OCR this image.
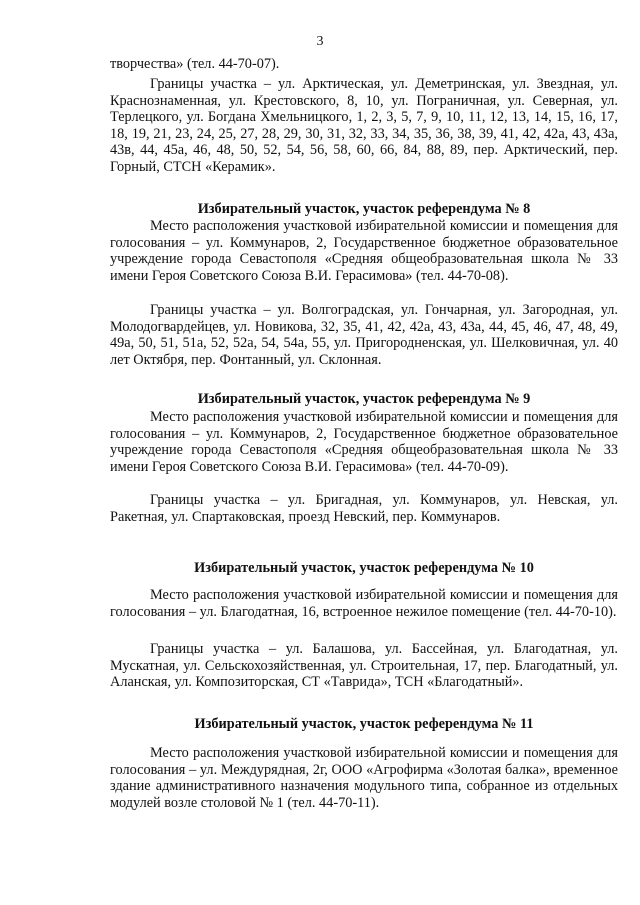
3

творчества» (тел. 44-70-07).

Границы участка – ул. Арктическая, ул. Деметринская, ул. Звездная, ул. Краснознаменная, ул. Крестовского, 8, 10, ул. Пограничная, ул. Северная, ул. Терлецкого, ул. Богдана Хмельницкого, 1, 2, 3, 5, 7, 9, 10, 11, 12, 13, 14, 15, 16, 17, 18, 19, 21, 23, 24, 25, 27, 28, 29, 30, 31, 32, 33, 34, 35, 36, 38, 39, 41, 42, 42а, 43, 43а, 43в, 44, 45а, 46, 48, 50, 52, 54, 56, 58, 60, 66, 84, 88, 89, пер. Арктический, пер. Горный, СТСН «Керамик».

Избирательный участок, участок референдума № 8

Место расположения участковой избирательной комиссии и помещения для голосования – ул. Коммунаров, 2, Государственное бюджетное образовательное учреждение города Севастополя «Средняя общеобразовательная школа № 33 имени Героя Советского Союза В.И. Герасимова» (тел. 44-70-08).

Границы участка – ул. Волгоградская, ул. Гончарная, ул. Загородная, ул. Молодогвардейцев, ул. Новикова, 32, 35, 41, 42, 42а, 43, 43а, 44, 45, 46, 47, 48, 49, 49а, 50, 51, 51а, 52, 52а, 54, 54а, 55, ул. Пригородненская, ул. Шелковичная, ул. 40 лет Октября, пер. Фонтанный, ул. Склонная.

Избирательный участок, участок референдума № 9

Место расположения участковой избирательной комиссии и помещения для голосования – ул. Коммунаров, 2, Государственное бюджетное образовательное учреждение города Севастополя «Средняя общеобразовательная школа № 33 имени Героя Советского Союза В.И. Герасимова» (тел. 44-70-09).

Границы участка – ул. Бригадная, ул. Коммунаров, ул. Невская, ул. Ракетная, ул. Спартаковская, проезд Невский, пер. Коммунаров.

Избирательный участок, участок референдума № 10

Место расположения участковой избирательной комиссии и помещения для голосования – ул. Благодатная, 16, встроенное нежилое помещение (тел. 44-70-10).

Границы участка – ул. Балашова, ул. Бассейная, ул. Благодатная, ул. Мускатная, ул. Сельскохозяйственная, ул. Строительная, 17, пер. Благодатный, ул. Аланская, ул. Композиторская, СТ «Таврида», ТСН «Благодатный».

Избирательный участок, участок референдума № 11

Место расположения участковой избирательной комиссии и помещения для голосования – ул. Междурядная, 2г, ООО «Агрофирма «Золотая балка», временное здание административного назначения модульного типа, собранное из отдельных модулей возле столовой № 1 (тел. 44-70-11).
